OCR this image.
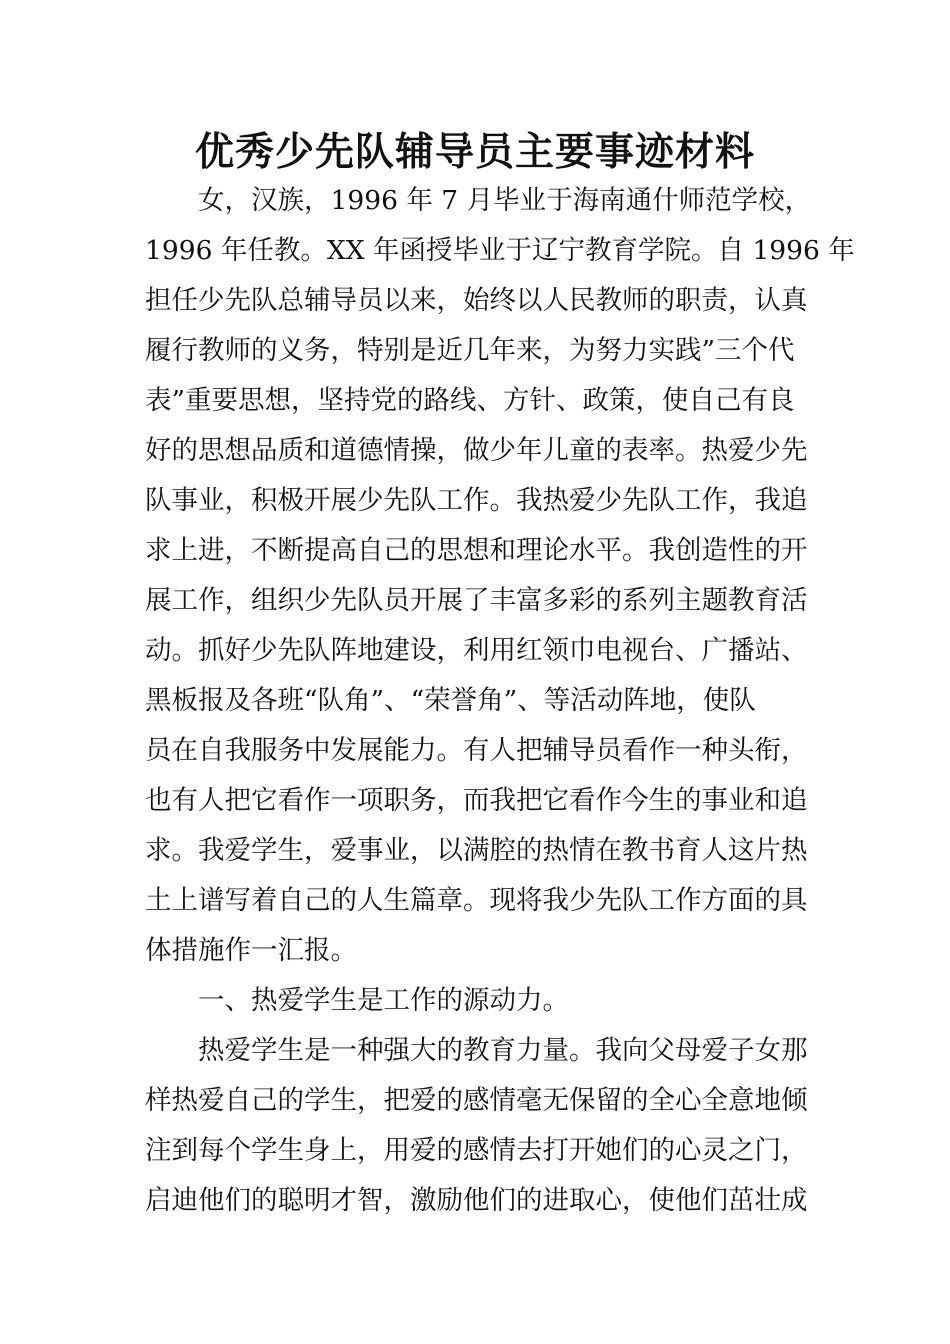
优秀少先队辅导员主要事迹材料

　　女，汉族，1996 年 7 月毕业于海南通什师范学校，

1996 年任教。XX 年函授毕业于辽宁教育学院。自 1996 年

担任少先队总辅导员以来，始终以人民教师的职责，认真

履行教师的义务，特别是近几年来，为努力实践”三个代

表”重要思想，坚持党的路线、方针、政策，使自己有良

好的思想品质和道德情操，做少年儿童的表率。热爱少先

队事业，积极开展少先队工作。我热爱少先队工作，我追

求上进，不断提高自己的思想和理论水平。我创造性的开

展工作，组织少先队员开展了丰富多彩的系列主题教育活

动。抓好少先队阵地建设，利用红领巾电视台、广播站、

黑板报及各班“队角”、“荣誉角”、等活动阵地，使队

员在自我服务中发展能力。有人把辅导员看作一种头衔，

也有人把它看作一项职务，而我把它看作今生的事业和追

求。我爱学生，爱事业，以满腔的热情在教书育人这片热

土上谱写着自己的人生篇章。现将我少先队工作方面的具

体措施作一汇报。

　　一、热爱学生是工作的源动力。

　　热爱学生是一种强大的教育力量。我向父母爱子女那

样热爱自己的学生，把爱的感情毫无保留的全心全意地倾

注到每个学生身上，用爱的感情去打开她们的心灵之门，

启迪他们的聪明才智，激励他们的进取心，使他们茁壮成
